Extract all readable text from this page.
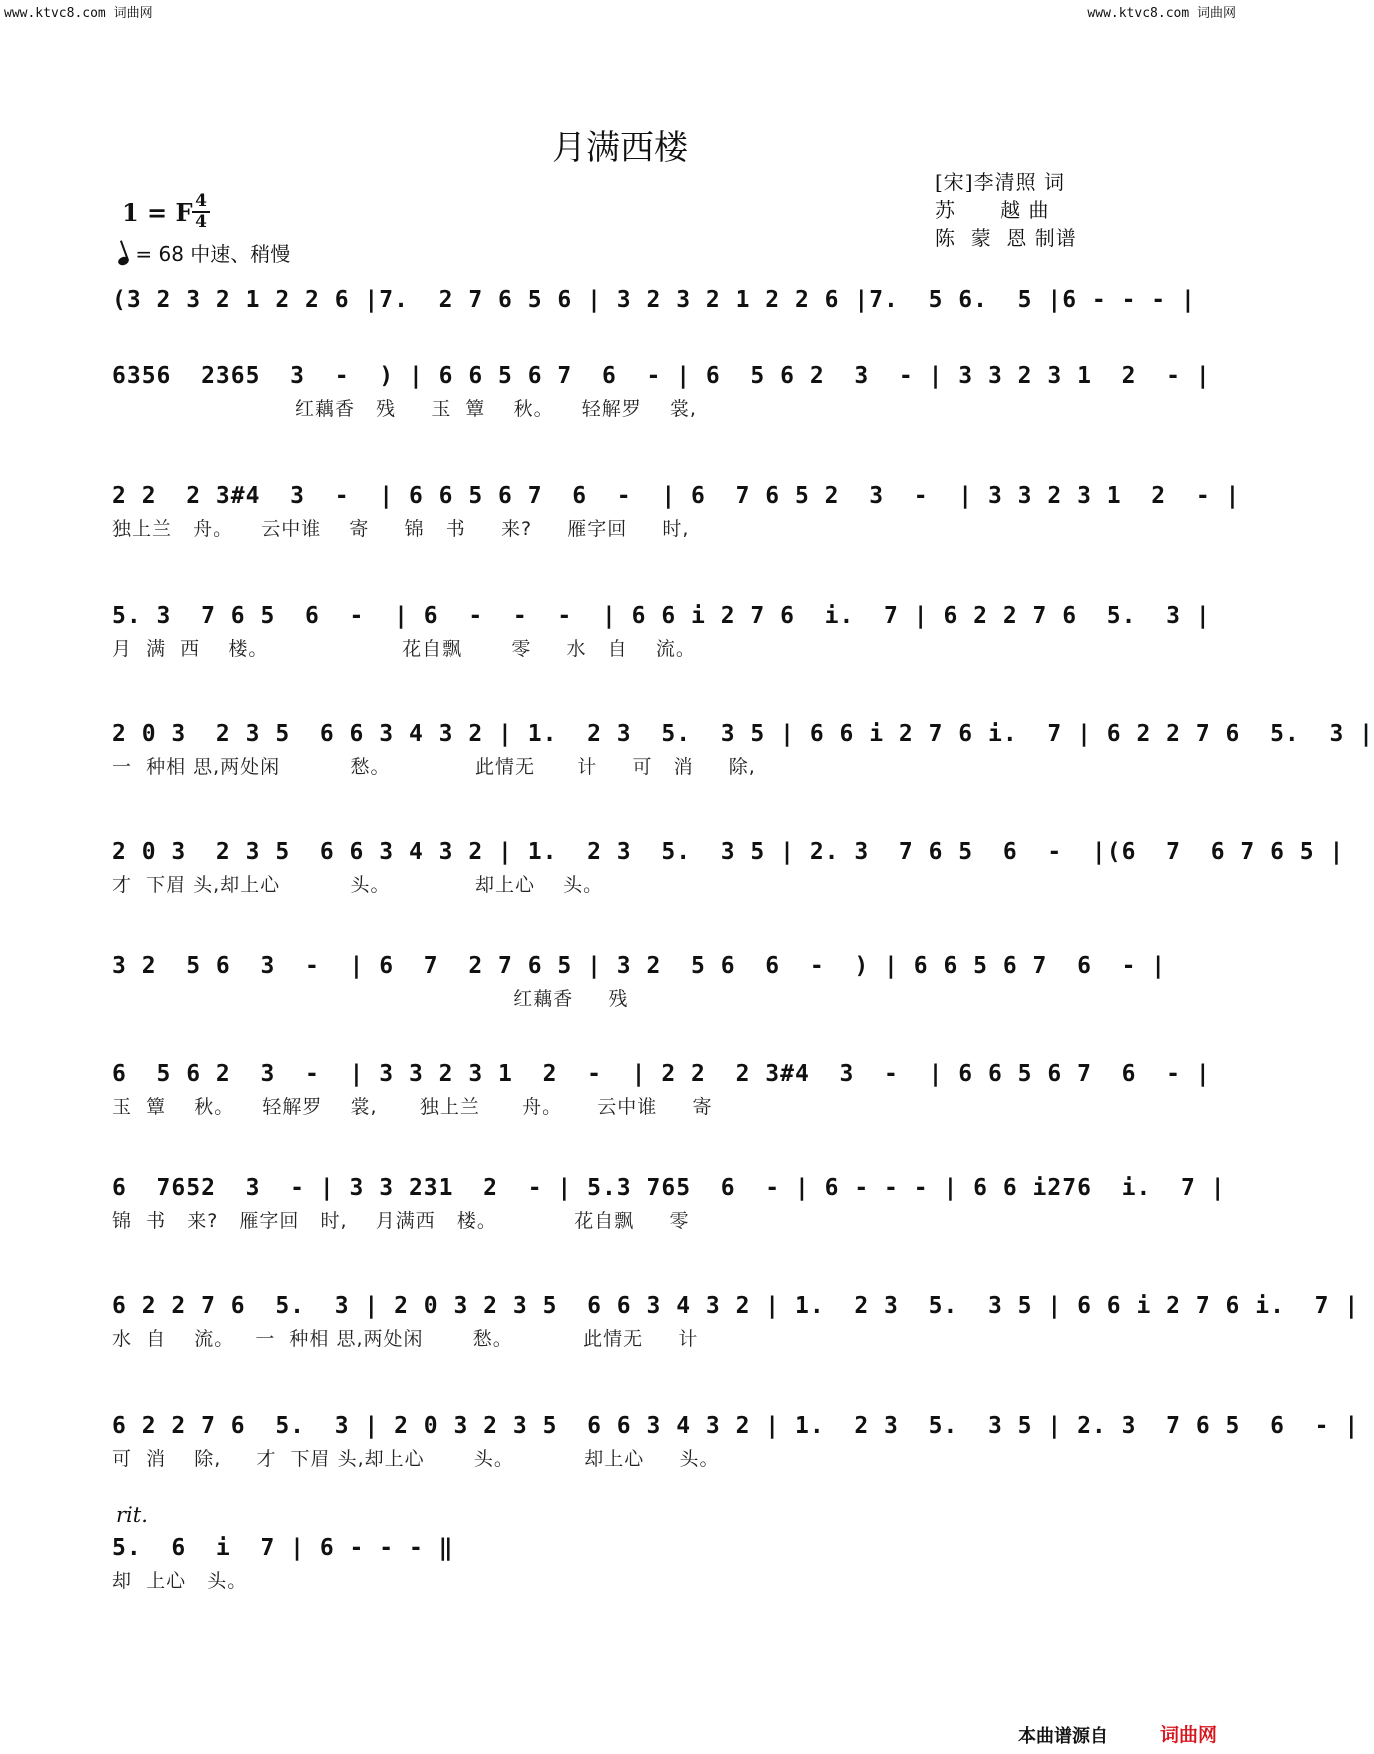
www.ktvc8.com 词曲网	www.ktvc8.com 词曲网
月满西楼
[宋]李清照 词
苏      越 曲
陈  蒙  恩 制谱
1 = F 4
4
= 68 中速、稍慢
(3 2 3 2 1 2 2 6 |7.  2 7 6 5 6 | 3 2 3 2 1 2 2 6 |7.  5 6.  5 |6 - - - |
6356  2365  3  -  ) | 6 6 5 6 7  6  - | 6  5 6 2  3  - | 3 3 2 3 1  2  - |
红藕香   残     玉  簟    秋。    轻解罗    裳,
2 2  2 3#4  3  -  | 6 6 5 6 7  6  -  | 6  7 6 5 2  3  -  | 3 3 2 3 1  2  - |
独上兰   舟。    云中谁    寄     锦   书     来?     雁字回     时,
5. 3  7 6 5  6  -  | 6  -  -  -  | 6 6 i 2 7 6  i.  7 | 6 2 2 7 6  5.  3 |
月  满  西    楼。                   花自飘       零     水   自    流。
2 0 3  2 3 5  6 6 3 4 3 2 | 1.  2 3  5.  3 5 | 6 6 i 2 7 6 i.  7 | 6 2 2 7 6  5.  3 |
一  种相 思,两处闲          愁。            此情无      计     可   消     除,
2 0 3  2 3 5  6 6 3 4 3 2 | 1.  2 3  5.  3 5 | 2. 3  7 6 5  6  -  |(6  7  6 7 6 5 |
才  下眉 头,却上心          头。            却上心    头。
3 2  5 6  3  -  | 6  7  2 7 6 5 | 3 2  5 6  6  -  ) | 6 6 5 6 7  6  - |
红藕香     残
6  5 6 2  3  -  | 3 3 2 3 1  2  -  | 2 2  2 3#4  3  -  | 6 6 5 6 7  6  - |
玉  簟    秋。    轻解罗    裳,      独上兰      舟。     云中谁     寄
6  7652  3  - | 3 3 231  2  - | 5.3 765  6  - | 6 - - - | 6 6 i276  i.  7 |
锦  书   来?   雁字回   时,    月满西   楼。           花自飘     零
6 2 2 7 6  5.  3 | 2 0 3 2 3 5  6 6 3 4 3 2 | 1.  2 3  5.  3 5 | 6 6 i 2 7 6 i.  7 |
水  自    流。   一  种相 思,两处闲       愁。          此情无     计
6 2 2 7 6  5.  3 | 2 0 3 2 3 5  6 6 3 4 3 2 | 1.  2 3  5.  3 5 | 2. 3  7 6 5  6  - |
可  消    除,     才  下眉 头,却上心       头。          却上心     头。
rit.
5.  6  i  7 | 6 - - - ‖
却  上心   头。
本曲谱源自	词曲网
